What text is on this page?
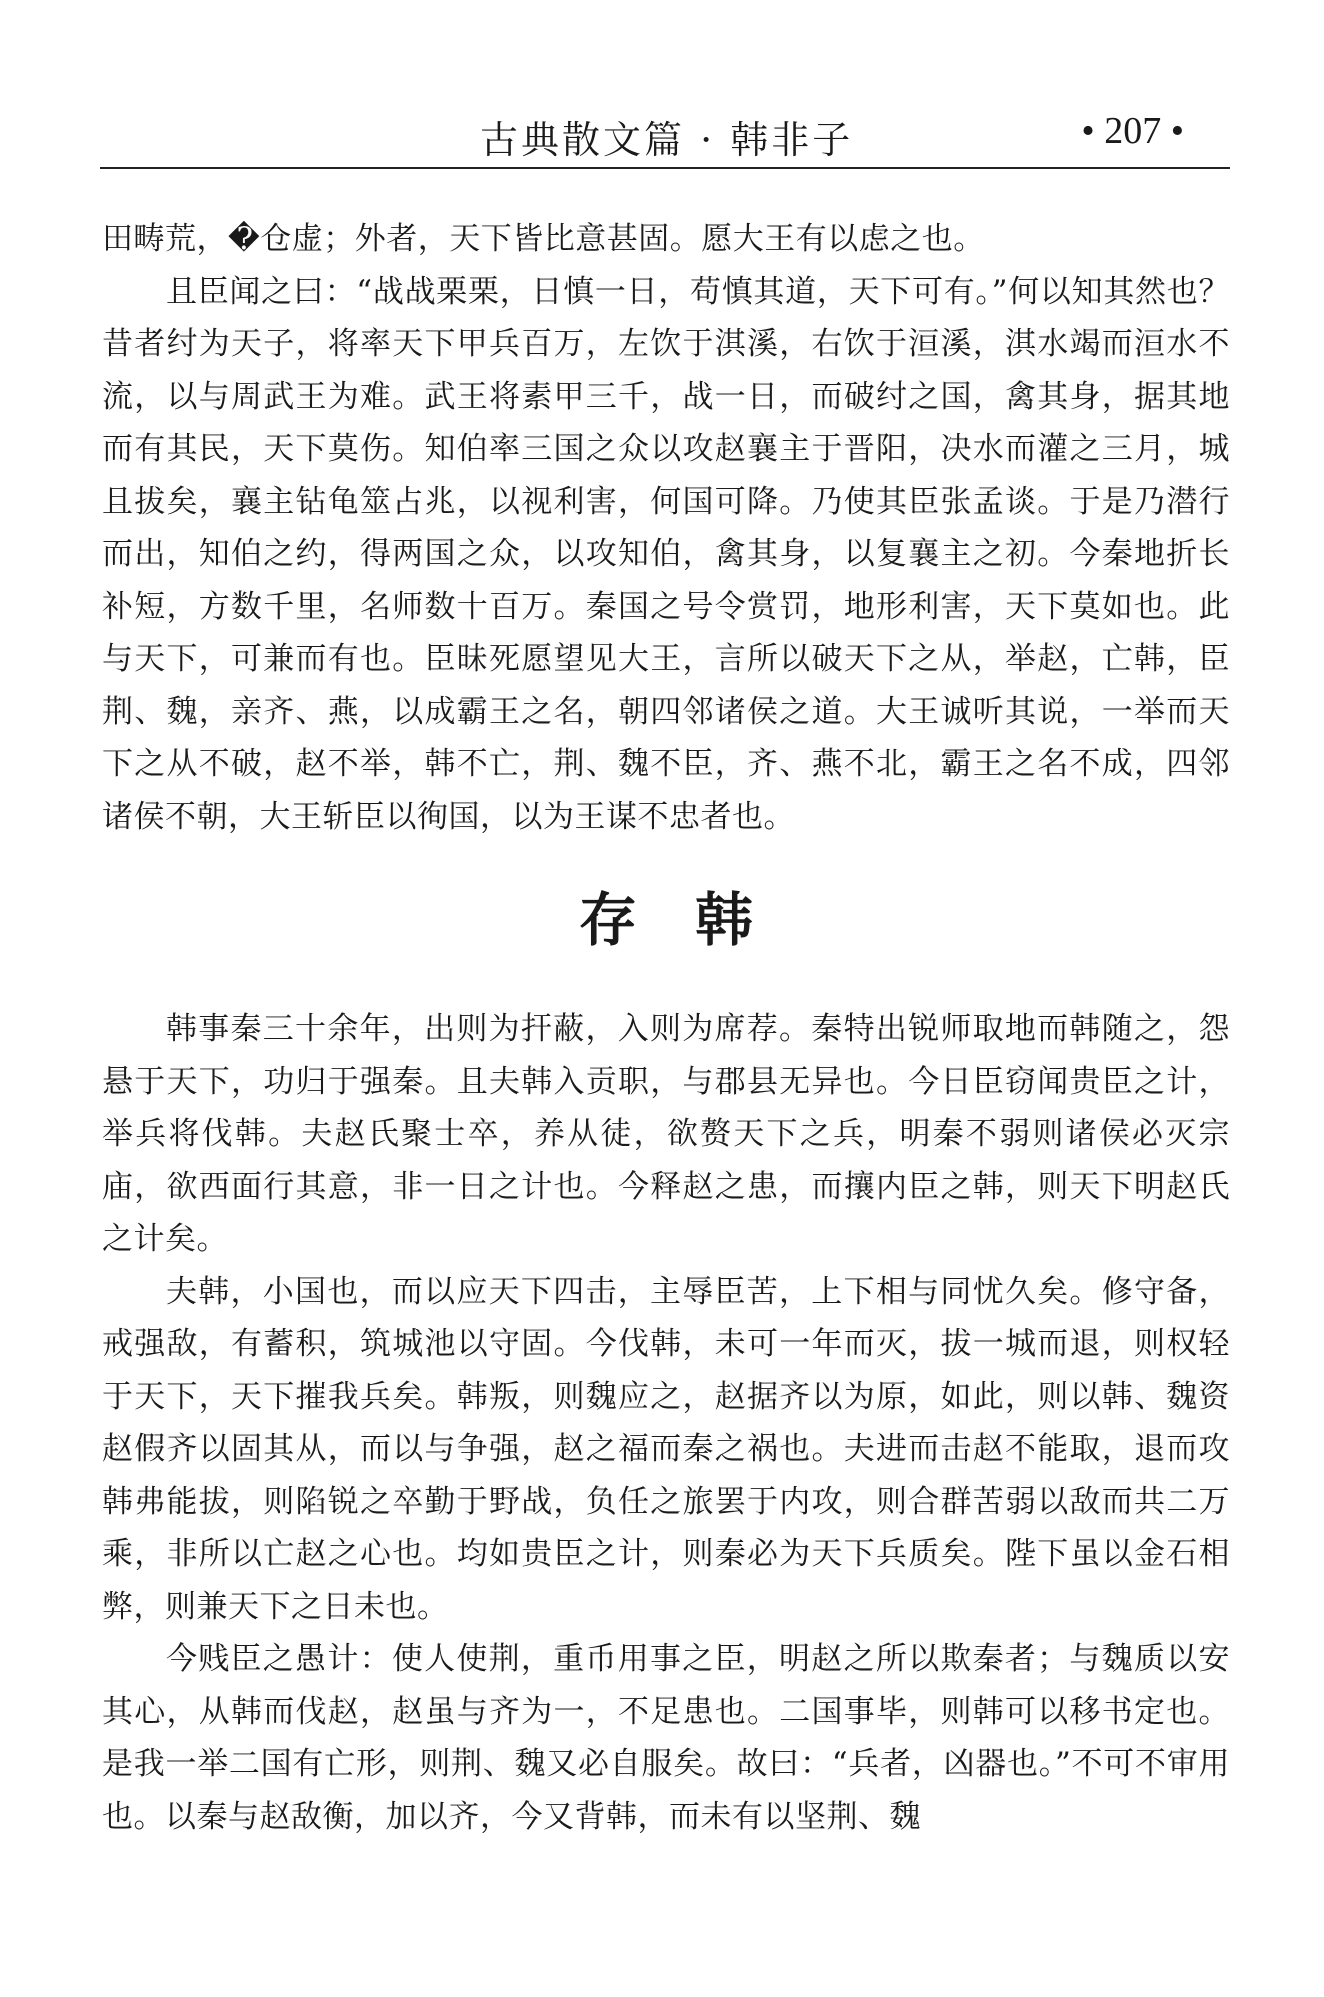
古典散文篇 · 韩非子	• 207 •

田畴荒，�仓虚；外者，天下皆比意甚固。愿大王有以虑之也。

且臣闻之曰：“战战栗栗，日慎一日，苟慎其道，天下可有。”何以知其然也？昔者纣为天子，将率天下甲兵百万，左饮于淇溪，右饮于洹溪，淇水竭而洹水不流，以与周武王为难。武王将素甲三千，战一日，而破纣之国，禽其身，据其地而有其民，天下莫伤。知伯率三国之众以攻赵襄主于晋阳，决水而灌之三月，城且拔矣，襄主钻龟筮占兆，以视利害，何国可降。乃使其臣张孟谈。于是乃潜行而出，知伯之约，得两国之众，以攻知伯，禽其身，以复襄主之初。今秦地折长补短，方数千里，名师数十百万。秦国之号令赏罚，地形利害，天下莫如也。此与天下，可兼而有也。臣昧死愿望见大王，言所以破天下之从，举赵，亡韩，臣荆、魏，亲齐、燕，以成霸王之名，朝四邻诸侯之道。大王诚听其说，一举而天下之从不破，赵不举，韩不亡，荆、魏不臣，齐、燕不北，霸王之名不成，四邻诸侯不朝，大王斩臣以徇国，以为王谋不忠者也。

存　韩

韩事秦三十余年，出则为扞蔽，入则为席荐。秦特出锐师取地而韩随之，怨悬于天下，功归于强秦。且夫韩入贡职，与郡县无异也。今日臣窃闻贵臣之计，举兵将伐韩。夫赵氏聚士卒，养从徒，欲赘天下之兵，明秦不弱则诸侯必灭宗庙，欲西面行其意，非一日之计也。今释赵之患，而攘内臣之韩，则天下明赵氏之计矣。

夫韩，小国也，而以应天下四击，主辱臣苦，上下相与同忧久矣。修守备，戒强敌，有蓄积，筑城池以守固。今伐韩，未可一年而灭，拔一城而退，则权轻于天下，天下摧我兵矣。韩叛，则魏应之，赵据齐以为原，如此，则以韩、魏资赵假齐以固其从，而以与争强，赵之福而秦之祸也。夫进而击赵不能取，退而攻韩弗能拔，则陷锐之卒勤于野战，负任之旅罢于内攻，则合群苦弱以敌而共二万乘，非所以亡赵之心也。均如贵臣之计，则秦必为天下兵质矣。陛下虽以金石相弊，则兼天下之日未也。

今贱臣之愚计：使人使荆，重币用事之臣，明赵之所以欺秦者；与魏质以安其心，从韩而伐赵，赵虽与齐为一，不足患也。二国事毕，则韩可以移书定也。是我一举二国有亡形，则荆、魏又必自服矣。故曰：“兵者，凶器也。”不可不审用也。以秦与赵敌衡，加以齐，今又背韩，而未有以坚荆、魏
